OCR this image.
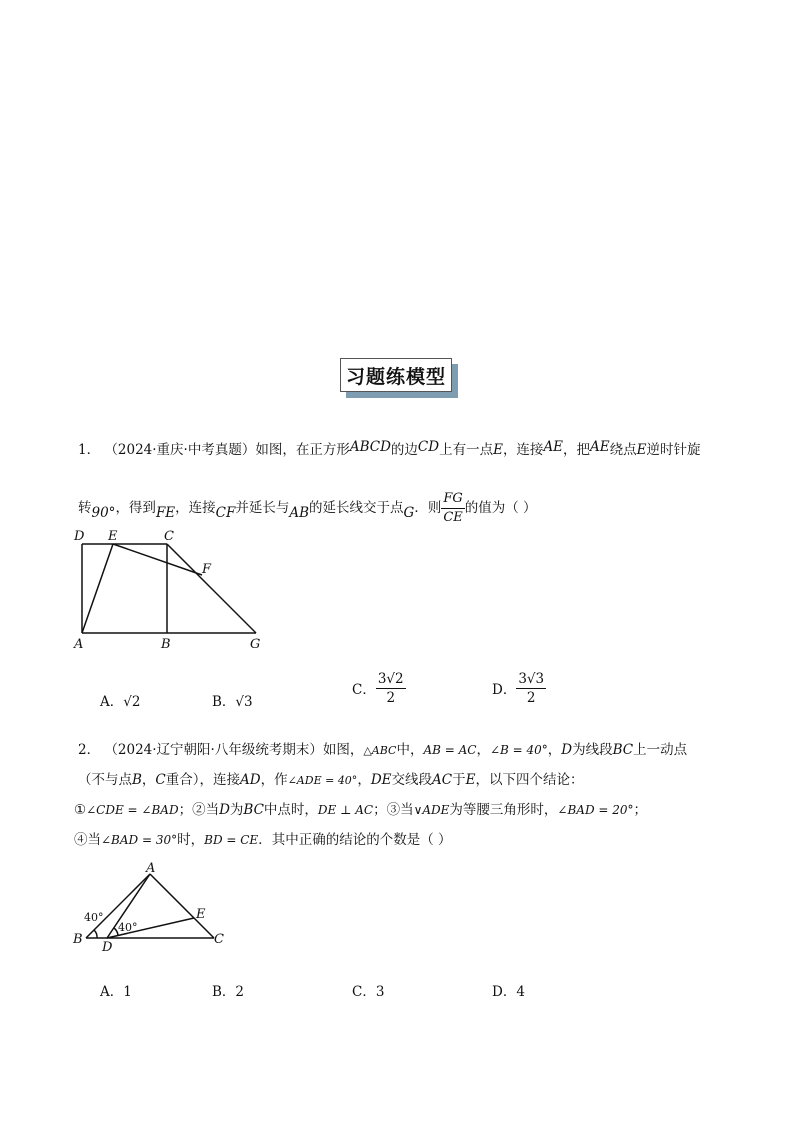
习题练模型
1． （2024·重庆·中考真题）如图，在正方形ABCD的边CD上有一点E，连接AE，把AE绕点E逆时针旋
转90°，得到FE，连接CF并延长与AB的延长线交于点G．则 $\frac{FG}{CE}$ 的值为（ ）
D E	C
F
A	B	G
A．√2	B．√3
C． $\frac{3√2}{2}$	D． $\frac{3√3}{2}$
2． （2024·辽宁朝阳·八年级统考期末）如图，△ABC中，AB = AC，∠B = 40°，D为线段BC上一动点
（不与点B，C重合），连接AD，作∠ADE = 40°，DE交线段AC于E，以下四个结论：
①∠CDE = ∠BAD；②当D为BC中点时，DE ⊥ AC；③当∨ADE为等腰三角形时，∠BAD = 20°；
④当∠BAD = 30°时，BD = CE．其中正确的结论的个数是（ ）
A
B	C
D
E
40°
40°
A．1	B．2	C．3	D．4
